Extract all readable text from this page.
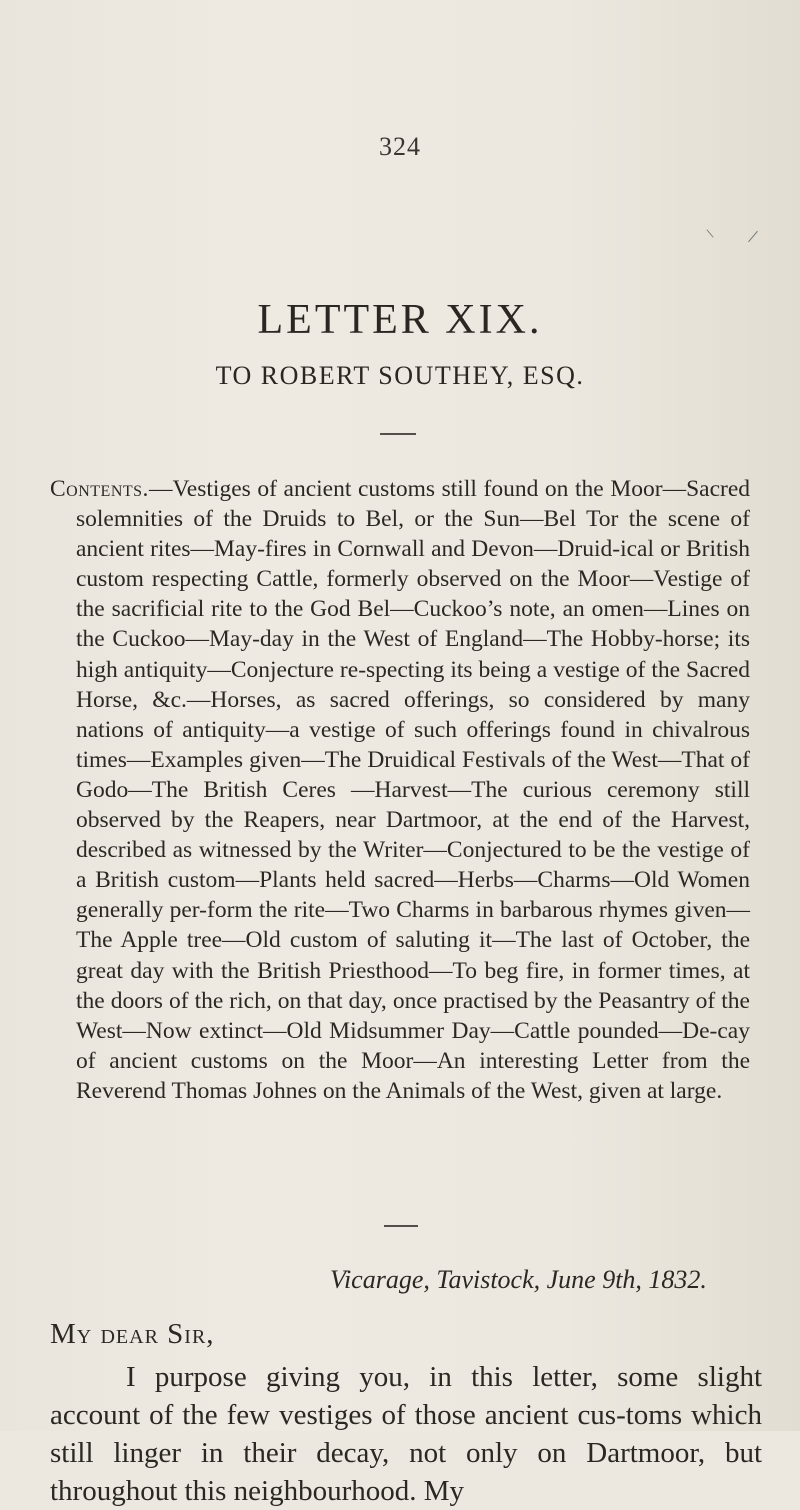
324
LETTER XIX.
TO ROBERT SOUTHEY, ESQ.
Contents.—Vestiges of ancient customs still found on the Moor—Sacred solemnities of the Druids to Bel, or the Sun—Bel Tor the scene of ancient rites—May-fires in Cornwall and Devon—Druid-ical or British custom respecting Cattle, formerly observed on the Moor—Vestige of the sacrificial rite to the God Bel—Cuckoo’s note, an omen—Lines on the Cuckoo—May-day in the West of England—The Hobby-horse; its high antiquity—Conjecture re-specting its being a vestige of the Sacred Horse, &c.—Horses, as sacred offerings, so considered by many nations of antiquity—a vestige of such offerings found in chivalrous times—Examples given—The Druidical Festivals of the West—That of Godo—The British Ceres —Harvest—The curious ceremony still observed by the Reapers, near Dartmoor, at the end of the Harvest, described as witnessed by the Writer—Conjectured to be the vestige of a British custom—Plants held sacred—Herbs—Charms—Old Women generally per-form the rite—Two Charms in barbarous rhymes given—The Apple tree—Old custom of saluting it—The last of October, the great day with the British Priesthood—To beg fire, in former times, at the doors of the rich, on that day, once practised by the Peasantry of the West—Now extinct—Old Midsummer Day—Cattle pounded—De-cay of ancient customs on the Moor—An interesting Letter from the Reverend Thomas Johnes on the Animals of the West, given at large.
Vicarage, Tavistock, June 9th, 1832.
My dear Sir,
I purpose giving you, in this letter, some slight account of the few vestiges of those ancient cus-toms which still linger in their decay, not only on Dartmoor, but throughout this neighbourhood. My
